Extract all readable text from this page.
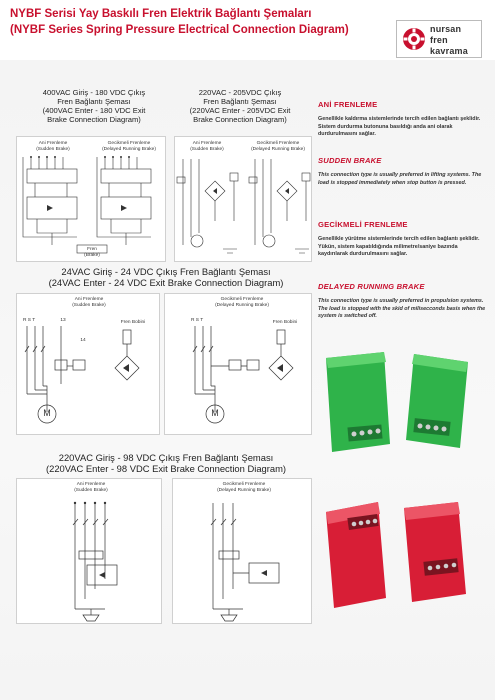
NYBF Serisi Yay Baskılı Fren Elektrik Bağlantı Şemaları
(NYBF Series Spring Pressure Electrical Connection Diagram)	nursan
fren
kavrama
400VAC Giriş - 180 VDC Çıkış
Fren Bağlantı Şeması
(400VAC Enter - 180 VDC Exit
Brake Connection Diagram)
220VAC - 205VDC Çıkış
Fren Bağlantı Şeması
(220VAC Enter - 205VDC Exit
Brake Connection Diagram)
Ani Frenleme
(Sudden Brake)
Gecikmeli Frenleme
(Delayed Running Brake)
Fren
(Brake)
Ani Frenleme
(Sudden Brake)
Gecikmeli Frenleme
(Delayed Running Brake)
24VAC Giriş - 24 VDC Çıkış Fren Bağlantı Şeması
(24VAC Enter - 24 VDC Exit Brake Connection Diagram)
Ani Frenleme
(Sudden Brake)
R S T	13
14
Fren Bobini
M
Gecikmeli Frenleme
(Delayed Running Brake)
R S T	Fren Bobini
M
220VAC Giriş - 98 VDC Çıkış Fren Bağlantı Şeması
(220VAC Enter - 98 VDC Exit Brake Connection Diagram)
Ani Frenleme
(Sudden Brake)
Gecikmeli Frenleme
(Delayed Running Brake)
ANİ FRENLEME
Genellikle kaldırma sistemlerinde tercih edilen bağlantı şeklidir. Sistem durdurma butonuna basıldığı anda ani olarak durdurulmasını sağlar.
SUDDEN BRAKE
This connection type is usually preferred in lifting systems. The load is stopped immediately when stop button is pressed.
GECİKMELİ FRENLEME
Genellikle yürütme sistemlerinde tercih edilen bağlantı şeklidir. Yükün, sistem kapatıldığında milimetre/saniye bazında kaydırılarak durdurulmasını sağlar.
DELAYED RUNNING BRAKE
This connection type is usually preferred in propulsion systems. The load is stopped with the skid of milisecconds basis when the system is switched off.
